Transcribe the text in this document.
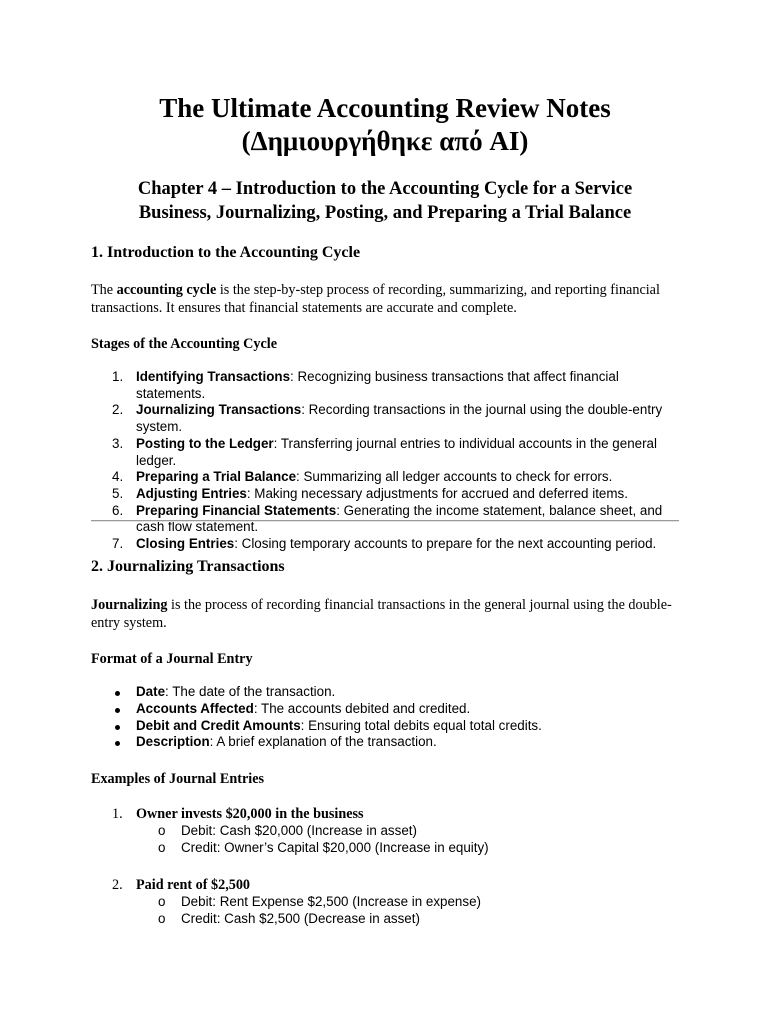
The Ultimate Accounting Review Notes
(Δημιουργήθηκε από AI)
Chapter 4 – Introduction to the Accounting Cycle for a Service
Business, Journalizing, Posting, and Preparing a Trial Balance
1. Introduction to the Accounting Cycle

The accounting cycle is the step-by-step process of recording, summarizing, and reporting financial transactions. It ensures that financial statements are accurate and complete.

Stages of the Accounting Cycle
1. Identifying Transactions: Recognizing business transactions that affect financial statements.
2. Journalizing Transactions: Recording transactions in the journal using the double-entry system.
3. Posting to the Ledger: Transferring journal entries to individual accounts in the general ledger.
4. Preparing a Trial Balance: Summarizing all ledger accounts to check for errors.
5. Adjusting Entries: Making necessary adjustments for accrued and deferred items.
6. Preparing Financial Statements: Generating the income statement, balance sheet, and cash flow statement.
7. Closing Entries: Closing temporary accounts to prepare for the next accounting period.
2. Journalizing Transactions

Journalizing is the process of recording financial transactions in the general journal using the double-entry system.

Format of a Journal Entry
Date: The date of the transaction.
Accounts Affected: The accounts debited and credited.
Debit and Credit Amounts: Ensuring total debits equal total credits.
Description: A brief explanation of the transaction.
Examples of Journal Entries

1. Owner invests $20,000 in the business

o Debit: Cash $20,000 (Increase in asset)
o Credit: Owner’s Capital $20,000 (Increase in equity)

2. Paid rent of $2,500

o Debit: Rent Expense $2,500 (Increase in expense)
o Credit: Cash $2,500 (Decrease in asset)
